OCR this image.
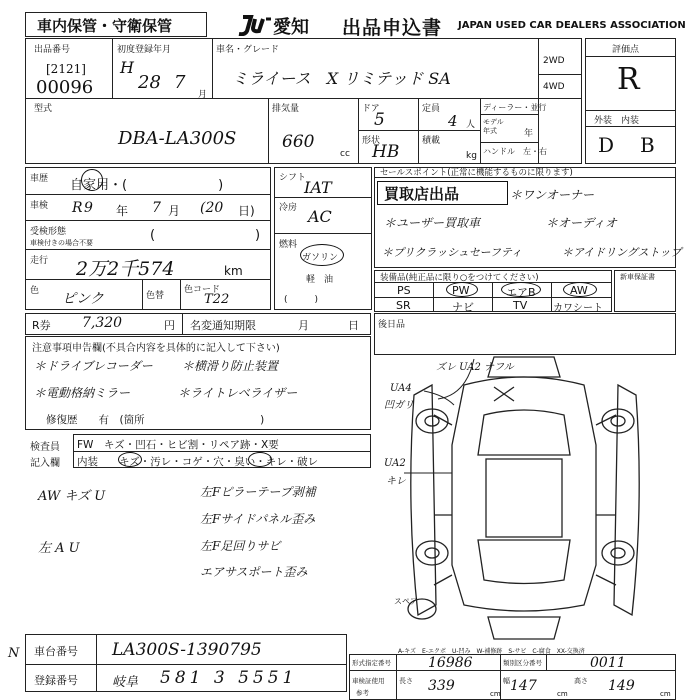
車内保管・守衛保管	愛知 出品申込書 JAPAN USED CAR DEALERS ASSOCIATION
出品番号
[2121]
00096
初度登録年月
H
28 7
月
車名・グレード
ミライース　X リミテッド SA
2WD
4WD
型式
DBA-LA300S
排気量
660
cc
ドア
5
形状
HB
定員
4 人
積載
kg
ディーラー・並行
モデル
年式	年
ハンドル　左・右
評価点
R
外装　内装
D B
車歴 自家用・(　　　　　　　)
車検 R 9 年 7 月 (20 日)
受検形態
車検付きの場合不要	(	)
走行 2万2千574	km
色 ピンク	色替
色コード
T22
シフト
IAT
冷房 AC
燃料
ガソリン
軽　油
(　　　)
セールスポイント(正常に機能するものに限ります)
買取店出品	＊ワンオーナー
＊ユーザー買取車	＊オーディオ
＊プリクラッシュセーフティ	＊アイドリングストップ
装備品(純正品に限り○をつけてください)
PS	PW	エアB	AW
SR	ナビ	TV	カワシート
新車保証書
R券 7,320	円 名変通知期限	月	日
注意事項申告欄(不具合内容を具体的に記入して下さい)
＊ドライブレコーダー ＊横滑り防止装置
＊電動格納ミラー	＊ライトレベライザー
修復歴　　有　(箇所　　　　　　　　　　　)
後日品
検査員
記入欄
FW　キズ・凹石・ヒビ割・リペア跡・X要
内装　　キズ・汚レ・コゲ・穴・臭い・キレ・破レ
AW キズ U	左Fピラーテープ剥補
左Fサイドパネル歪み
左 A U	左F足回りサビ
エアサスポート歪み
ズレ UA2 ナフル
UA4
凹ガリ
UA2
キレ
スペア
A-キズ　E-エクボ　U-凹み　W-補修跡　S-サビ　C-腐食　XX-交換済
N 車台番号 LA300S-1390795
登録番号	岐阜 581 3 5551
形式指定番号	16986	類別区分番号	0011
車検証使用
参考
長さ 339	cm
幅 147	cm
高さ 149	cm
